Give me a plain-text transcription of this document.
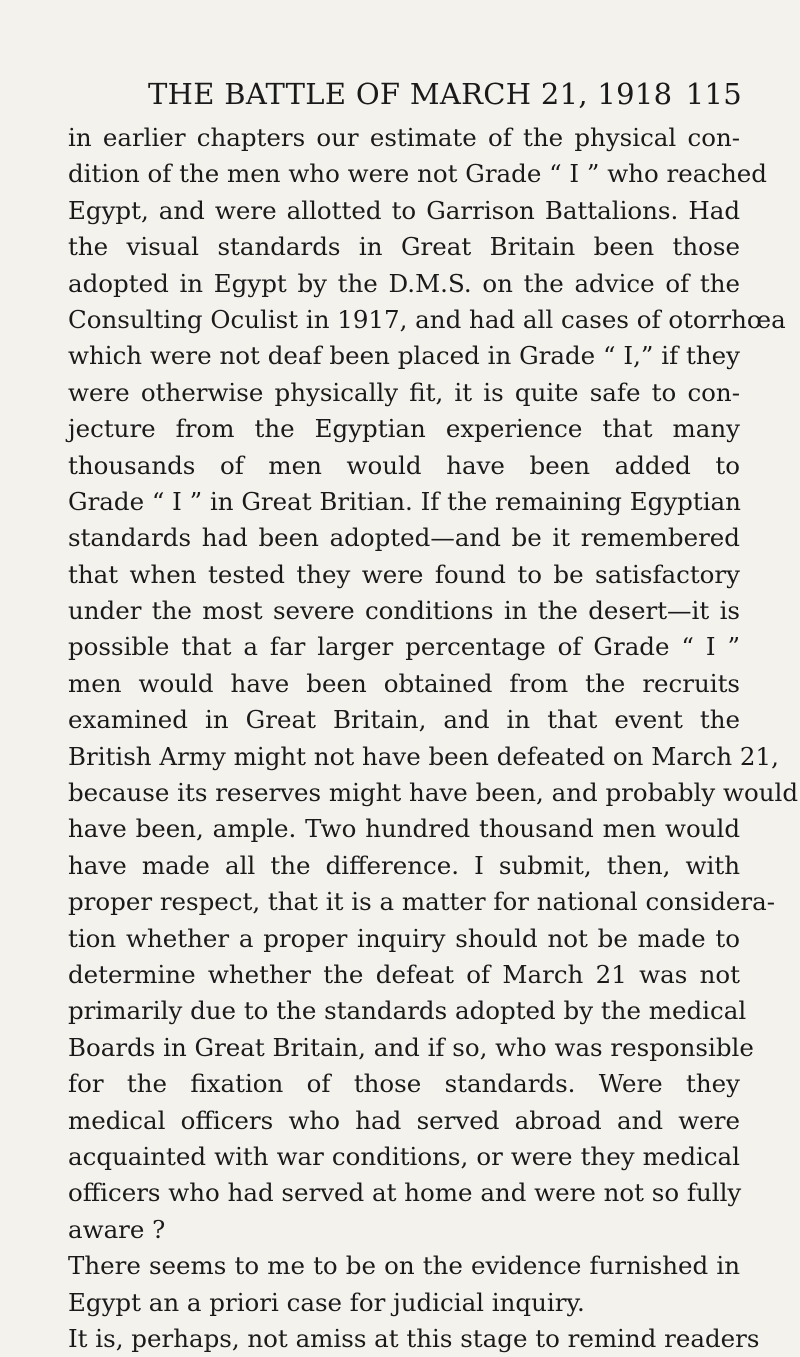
THE BATTLE OF MARCH 21, 1918 115
in earlier chapters our estimate of the physical con-
dition of the men who were not Grade “ I ” who reached
Egypt, and were allotted to Garrison Battalions. Had
the visual standards in Great Britain been those
adopted in Egypt by the D.M.S. on the advice of the
Consulting Oculist in 1917, and had all cases of otorrhœa
which were not deaf been placed in Grade “ I,” if they
were otherwise physically fit, it is quite safe to con-
jecture from the Egyptian experience that many
thousands of men would have been added to
Grade “ I ” in Great Britian. If the remaining Egyptian
standards had been adopted—and be it remembered
that when tested they were found to be satisfactory
under the most severe conditions in the desert—it is
possible that a far larger percentage of Grade “ I ”
men would have been obtained from the recruits
examined in Great Britain, and in that event the
British Army might not have been defeated on March 21,
because its reserves might have been, and probably would
have been, ample. Two hundred thousand men would
have made all the difference. I submit, then, with
proper respect, that it is a matter for national considera-
tion whether a proper inquiry should not be made to
determine whether the defeat of March 21 was not
primarily due to the standards adopted by the medical
Boards in Great Britain, and if so, who was responsible
for the fixation of those standards. Were they
medical officers who had served abroad and were
acquainted with war conditions, or were they medical
officers who had served at home and were not so fully
aware ?
There seems to me to be on the evidence furnished in
Egypt an a priori case for judicial inquiry.
It is, perhaps, not amiss at this stage to remind readers
